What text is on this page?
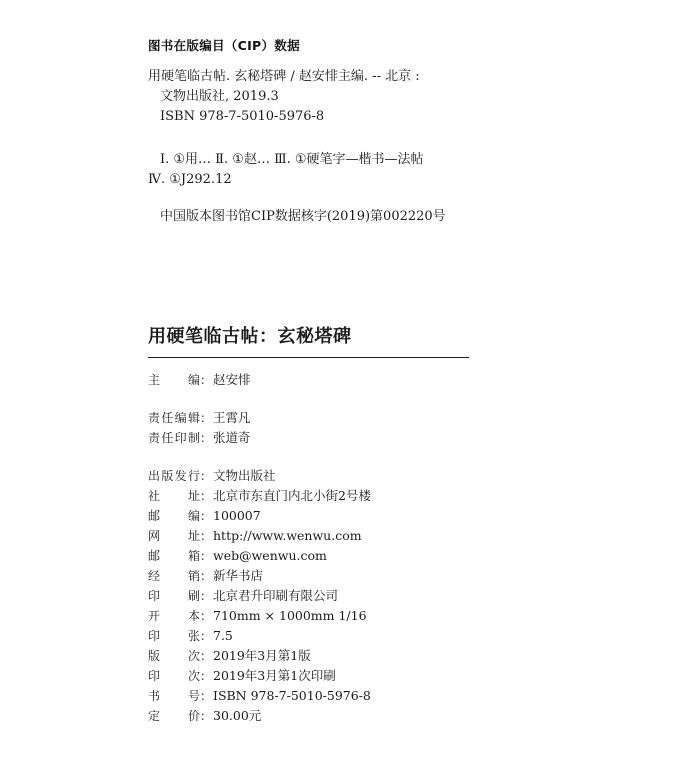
图书在版编目（CIP）数据
用硬笔临古帖. 玄秘塔碑 / 赵安悱主编. -- 北京 :
文物出版社, 2019.3
ISBN 978-7-5010-5976-8
Ⅰ. ①用… Ⅱ. ①赵… Ⅲ. ①硬笔字—楷书—法帖
Ⅳ. ①J292.12
中国版本图书馆CIP数据核字(2019)第002220号
用硬笔临古帖：玄秘塔碑
主　编 ： 赵安悱
责任编辑 ： 王霄凡
责任印制 ： 张道奇
出版发行 ： 文物出版社
社　址 ： 北京市东直门内北小街2号楼
邮　编 ： 100007
网　址 ： http://www.wenwu.com
邮　箱 ： web@wenwu.com
经　销 ： 新华书店
印　刷 ： 北京君升印刷有限公司
开　本 ： 710mm × 1000mm 1/16
印　张 ： 7.5
版　次 ： 2019年3月第1版
印　次 ： 2019年3月第1次印刷
书　号 ： ISBN 978-7-5010-5976-8
定　价 ： 30.00元
